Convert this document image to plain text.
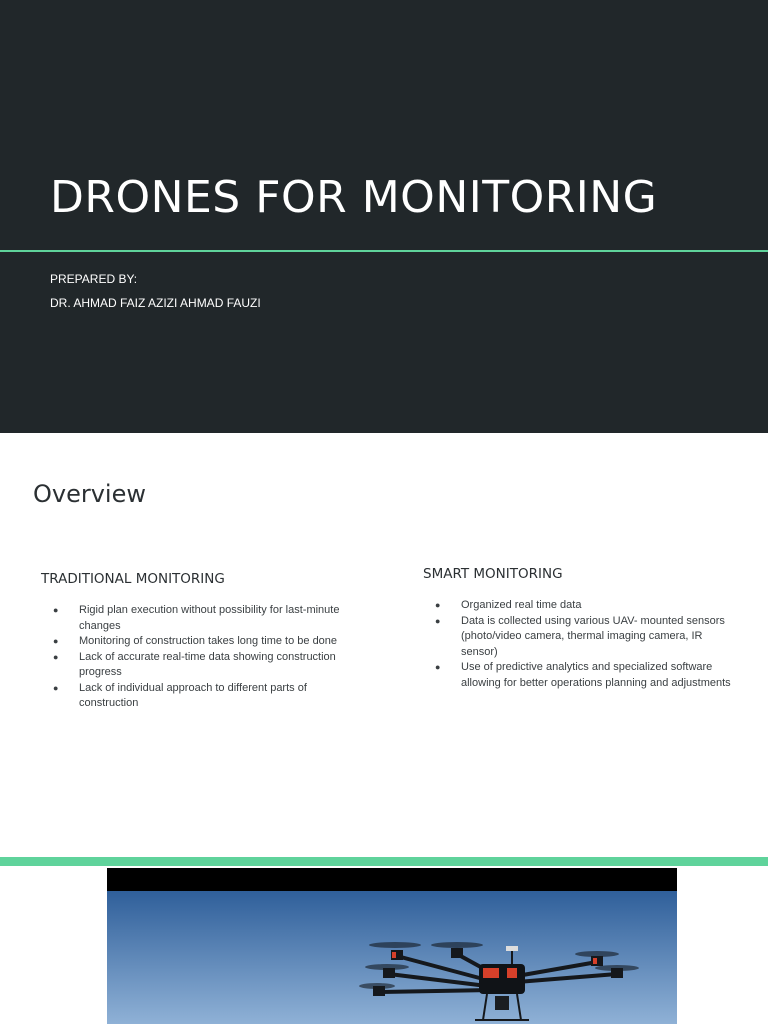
DRONES FOR MONITORING
PREPARED BY:
DR. AHMAD FAIZ AZIZI AHMAD FAUZI
Overview
TRADITIONAL MONITORING
● Rigid plan execution without possibility for last-minute changes
● Monitoring of construction takes long time to be done
● Lack of accurate real-time data showing construction progress
● Lack of individual approach to different parts of construction
SMART MONITORING
● Organized real time data
● Data is collected using various UAV- mounted sensors (photo/video camera, thermal imaging camera, IR sensor)
● Use of predictive analytics and specialized software allowing for better operations planning and adjustments
